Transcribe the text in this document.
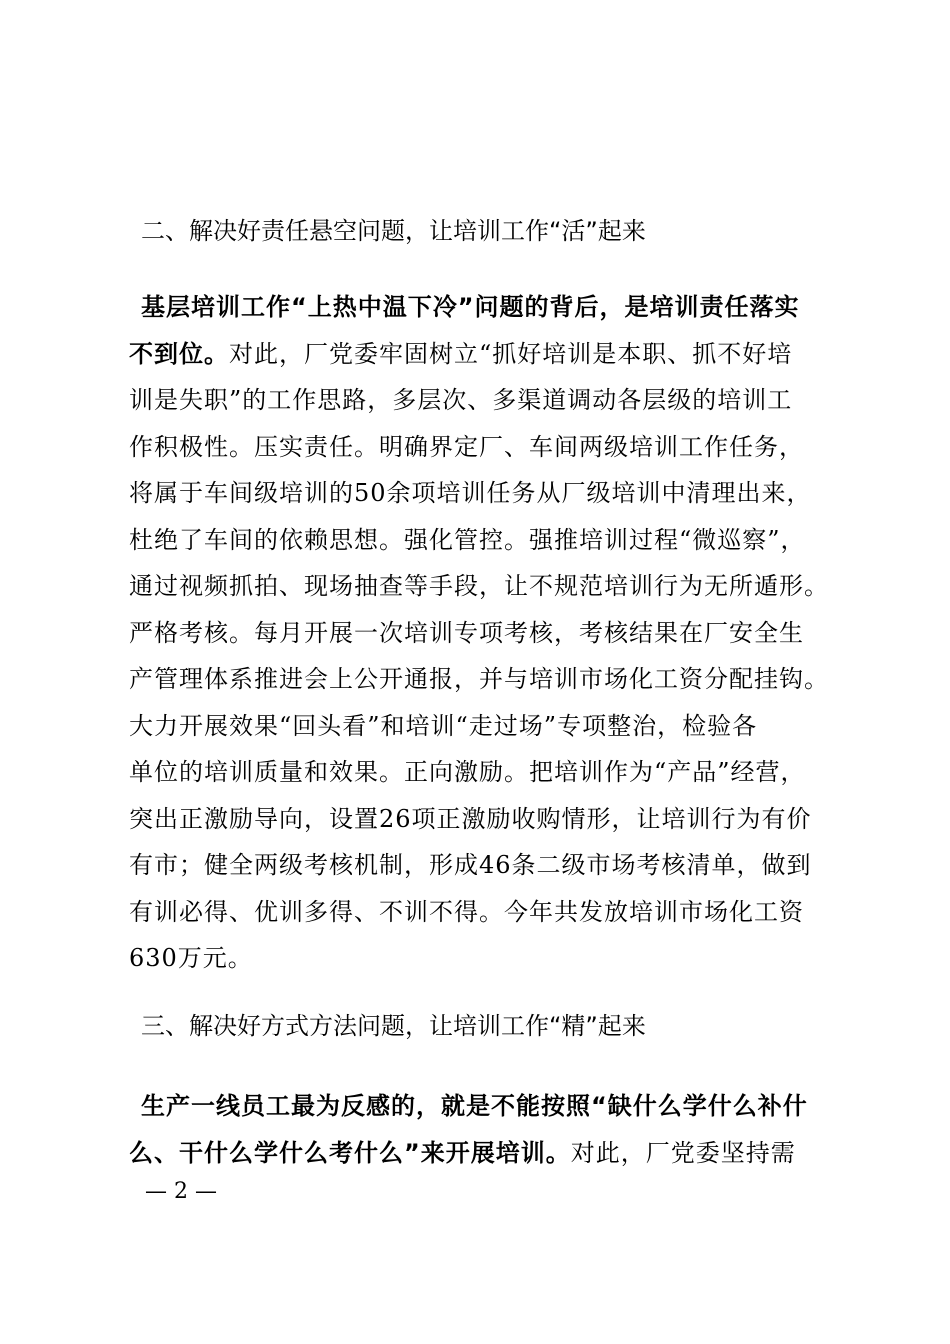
二、解决好责任悬空问题，让培训工作“活”起来
基层培训工作“上热中温下冷”问题的背后，是培训责任落实
不到位。对此，厂党委牢固树立“抓好培训是本职、抓不好培
训是失职”的工作思路，多层次、多渠道调动各层级的培训工
作积极性。压实责任。明确界定厂、车间两级培训工作任务，
将属于车间级培训的50余项培训任务从厂级培训中清理出来，
杜绝了车间的依赖思想。强化管控。强推培训过程“微巡察”，
通过视频抓拍、现场抽查等手段，让不规范培训行为无所遁形。
严格考核。每月开展一次培训专项考核，考核结果在厂安全生
产管理体系推进会上公开通报，并与培训市场化工资分配挂钩。
大力开展效果“回头看”和培训“走过场”专项整治，检验各
单位的培训质量和效果。正向激励。把培训作为“产品”经营，
突出正激励导向，设置26项正激励收购情形，让培训行为有价
有市；健全两级考核机制，形成46条二级市场考核清单，做到
有训必得、优训多得、不训不得。今年共发放培训市场化工资
630万元。
三、解决好方式方法问题，让培训工作“精”起来
生产一线员工最为反感的，就是不能按照“缺什么学什么补什
么、干什么学什么考什么”来开展培训。对此，厂党委坚持需
— 2 —
